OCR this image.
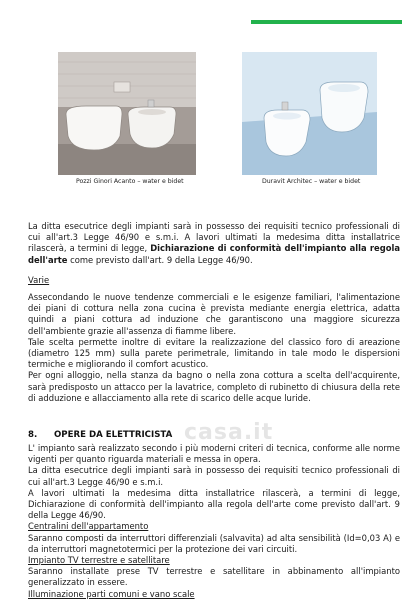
Pozzi Ginori Acanto – water e bidet	Duravit Architec – water e bidet

La ditta esecutrice degli impianti sarà in possesso dei requisiti tecnico professionali di cui all'art.3 Legge 46/90 e s.m.i. A lavori ultimati la medesima ditta installatrice rilascerà, a termini di legge, Dichiarazione di conformità dell'impianto alla regola dell'arte come previsto dall'art. 9 della Legge 46/90.

Varie

Assecondando le nuove tendenze commerciali e le esigenze familiari, l'alimentazione dei piani di cottura nella zona cucina è prevista mediante energia elettrica, adatta quindi a piani cottura ad induzione che garantiscono una maggiore sicurezza dell'ambiente grazie all'assenza di fiamme libere.

Tale scelta permette inoltre di evitare la realizzazione del classico foro di areazione (diametro 125 mm) sulla parete perimetrale, limitando in tale modo le dispersioni termiche e migliorando il comfort acustico.

Per ogni alloggio, nella stanza da bagno o nella zona cottura a scelta dell'acquirente, sarà predisposto un attacco per la lavatrice, completo di rubinetto di chiusura della rete di adduzione e allacciamento alla rete di scarico delle acque luride.

casa.it
8. OPERE DA ELETTRICISTA

L' impianto sarà realizzato secondo i più moderni criteri di tecnica, conforme alle norme vigenti per quanto riguarda materiali e messa in opera.

La ditta esecutrice degli impianti sarà in possesso dei requisiti tecnico professionali di cui all'art.3 Legge 46/90 e s.m.i.

A lavori ultimati la medesima ditta installatrice rilascerà, a termini di legge, Dichiarazione di conformità dell'impianto alla regola dell'arte come previsto dall'art. 9 della Legge 46/90.

Centralini dell'appartamento

Saranno composti da interruttori differenziali (salvavita) ad alta sensibilità (Id=0,03 A) e da interruttori magnetotermici per la protezione dei vari circuiti.

Impianto TV terrestre e satellitare

Saranno installate prese TV terrestre e satellitare in abbinamento all'impianto generalizzato in essere.

Illuminazione parti comuni e vano scale
